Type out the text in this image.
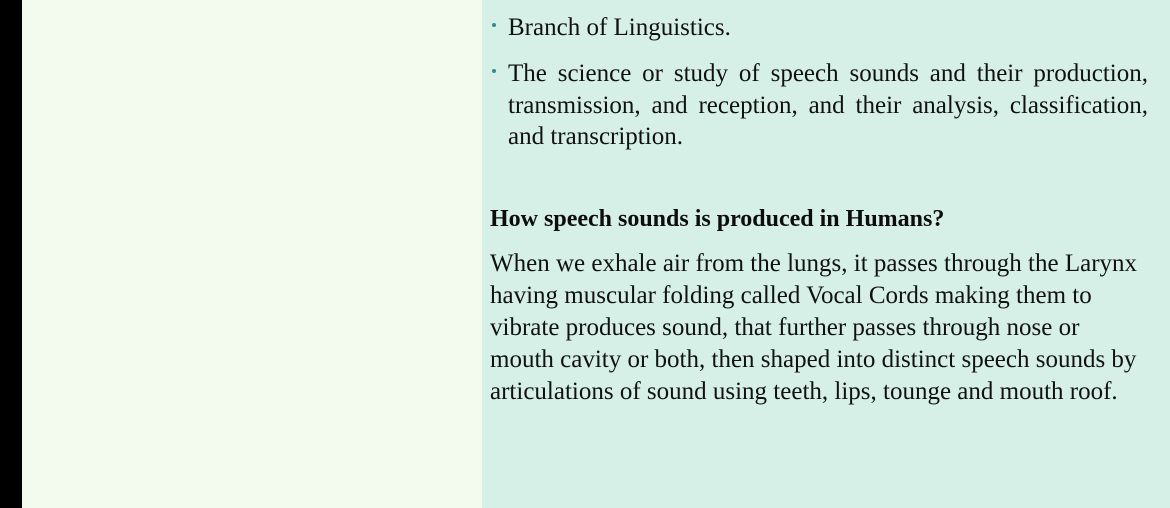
Branch of Linguistics.
The science or study of speech sounds and their production, transmission, and reception, and their analysis, classification, and transcription.
How speech sounds is produced in Humans?

When we exhale air from the lungs, it passes through the Larynx having muscular folding called Vocal Cords making them to vibrate produces sound, that further passes through nose or mouth cavity or both, then shaped into distinct speech sounds by articulations of sound using teeth, lips, tounge and mouth roof.
